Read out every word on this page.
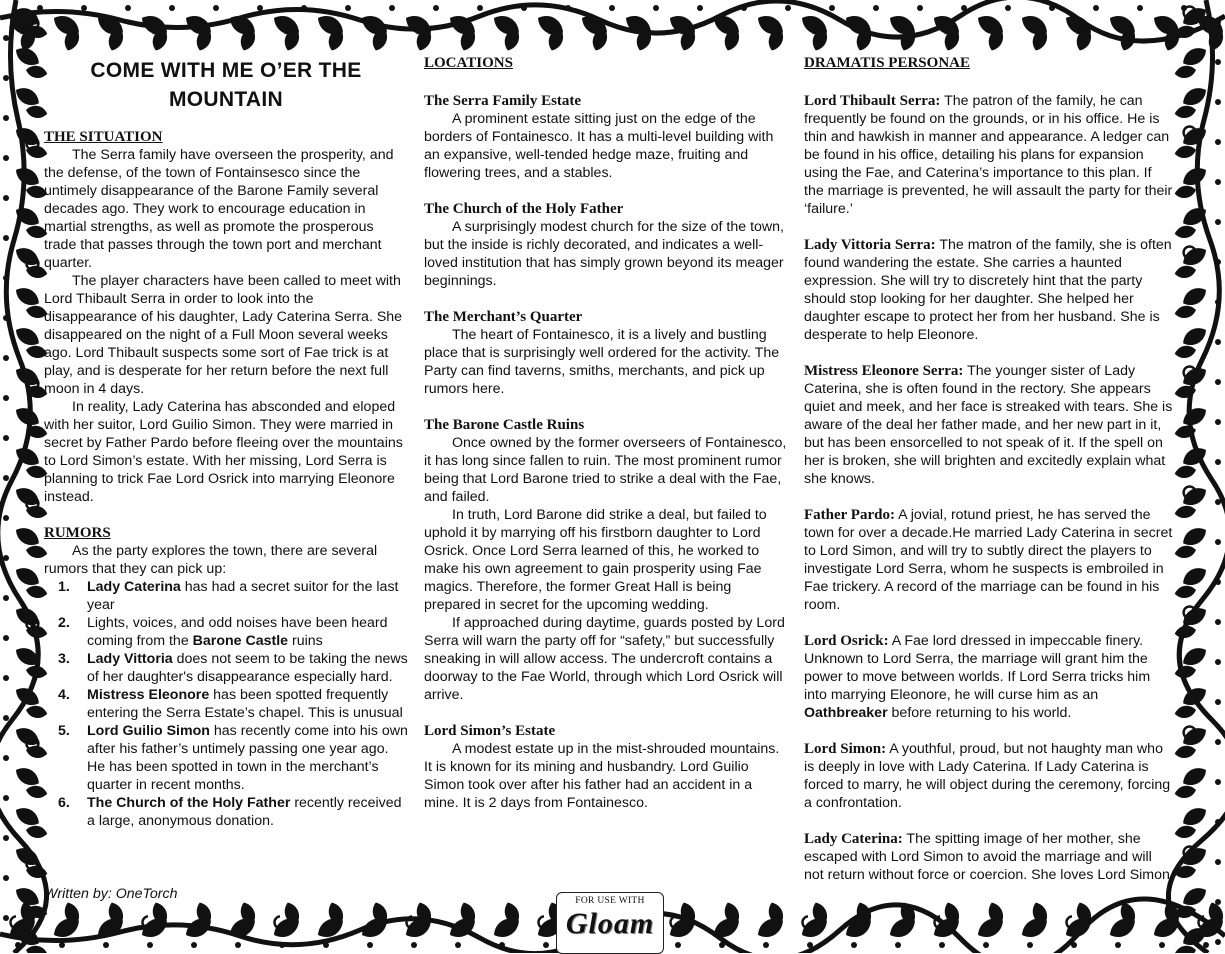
COME WITH ME O’ER THE MOUNTAIN
THE SITUATION

The Serra family have overseen the prosperity, and the defense, of the town of Fontainsesco since the untimely disappearance of the Barone Family several decades ago. They work to encourage education in martial strengths, as well as promote the prosperous trade that passes through the town port and merchant quarter.

The player characters have been called to meet with Lord Thibault Serra in order to look into the disappearance of his daughter, Lady Caterina Serra. She disappeared on the night of a Full Moon several weeks ago. Lord Thibault suspects some sort of Fae trick is at play, and is desperate for her return before the next full moon in 4 days.

In reality, Lady Caterina has absconded and eloped with her suitor, Lord Guilio Simon. They were married in secret by Father Pardo before fleeing over the mountains to Lord Simon’s estate. With her missing, Lord Serra is planning to trick Fae Lord Osrick into marrying Eleonore instead.

RUMORS

As the party explores the town, there are several rumors that they can pick up:

1. Lady Caterina has had a secret suitor for the last year
2. Lights, voices, and odd noises have been heard coming from the Barone Castle ruins
3. Lady Vittoria does not seem to be taking the news of her daughter's disappearance especially hard.
4. Mistress Eleonore has been spotted frequently entering the Serra Estate’s chapel. This is unusual
5. Lord Guilio Simon has recently come into his own after his father’s untimely passing one year ago. He has been spotted in town in the merchant’s quarter in recent months.
6. The Church of the Holy Father recently received a large, anonymous donation.
Written by: OneTorch
LOCATIONS
The Serra Family Estate

A prominent estate sitting just on the edge of the borders of Fontainesco. It has a multi-level building with an expansive, well-tended hedge maze, fruiting and flowering trees, and a stables.

The Church of the Holy Father

A surprisingly modest church for the size of the town, but the inside is richly decorated, and indicates a well-loved institution that has simply grown beyond its meager beginnings.

The Merchant’s Quarter

The heart of Fontainesco, it is a lively and bustling place that is surprisingly well ordered for the activity. The Party can find taverns, smiths, merchants, and pick up rumors here.

The Barone Castle Ruins

Once owned by the former overseers of Fontainesco, it has long since fallen to ruin. The most prominent rumor being that Lord Barone tried to strike a deal with the Fae, and failed.

In truth, Lord Barone did strike a deal, but failed to uphold it by marrying off his firstborn daughter to Lord Osrick. Once Lord Serra learned of this, he worked to make his own agreement to gain prosperity using Fae magics. Therefore, the former Great Hall is being prepared in secret for the upcoming wedding.

If approached during daytime, guards posted by Lord Serra will warn the party off for “safety,” but successfully sneaking in will allow access. The undercroft contains a doorway to the Fae World, through which Lord Osrick will arrive.

Lord Simon’s Estate

A modest estate up in the mist-shrouded mountains. It is known for its mining and husbandry. Lord Guilio Simon took over after his father had an accident in a mine. It is 2 days from Fontainesco.

DRAMATIS PERSONAE

Lord Thibault Serra: The patron of the family, he can frequently be found on the grounds, or in his office. He is thin and hawkish in manner and appearance. A ledger can be found in his office, detailing his plans for expansion using the Fae, and Caterina’s importance to this plan. If the marriage is prevented, he will assault the party for their ‘failure.’

Lady Vittoria Serra: The matron of the family, she is often found wandering the estate. She carries a haunted expression. She will try to discretely hint that the party should stop looking for her daughter. She helped her daughter escape to protect her from her husband. She is desperate to help Eleonore.

Mistress Eleonore Serra: The younger sister of Lady Caterina, she is often found in the rectory. She appears quiet and meek, and her face is streaked with tears. She is aware of the deal her father made, and her new part in it, but has been ensorcelled to not speak of it. If the spell on her is broken, she will brighten and excitedly explain what she knows.

Father Pardo: A jovial, rotund priest, he has served the town for over a decade.He married Lady Caterina in secret to Lord Simon, and will try to subtly direct the players to investigate Lord Serra, whom he suspects is embroiled in Fae trickery. A record of the marriage can be found in his room.

Lord Osrick: A Fae lord dressed in impeccable finery. Unknown to Lord Serra, the marriage will grant him the power to move between worlds. If Lord Serra tricks him into marrying Eleonore, he will curse him as an Oathbreaker before returning to his world.

Lord Simon: A youthful, proud, but not haughty man who is deeply in love with Lady Caterina. If Lady Caterina is forced to marry, he will object during the ceremony, forcing a confrontation.

Lady Caterina: The spitting image of her mother, she escaped with Lord Simon to avoid the marriage and will not return without force or coercion. She loves Lord Simon.

FOR USE WITH
Gloam
